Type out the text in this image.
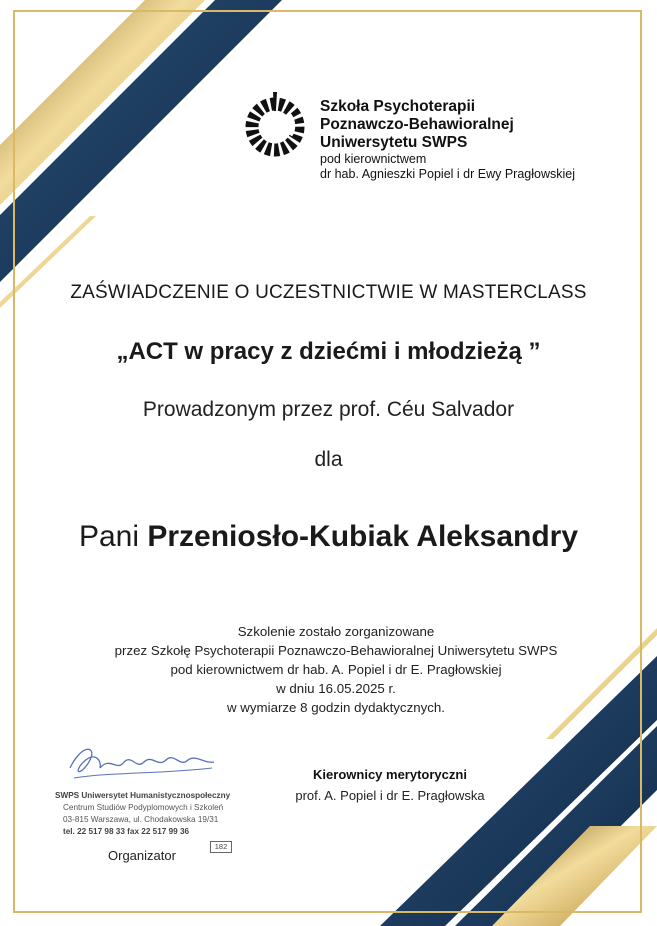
Szkoła Psychoterapii
Poznawczo-Behawioralnej
Uniwersytetu SWPS
pod kierownictwem
dr hab. Agnieszki Popiel i dr Ewy Pragłowskiej
ZAŚWIADCZENIE O UCZESTNICTWIE W MASTERCLASS
„ACT w pracy z dziećmi i młodzieżą ”
Prowadzonym przez prof. Céu Salvador
dla
Pani Przeniosło-Kubiak Aleksandry
Szkolenie zostało zorganizowane
przez Szkołę Psychoterapii Poznawczo-Behawioralnej Uniwersytetu SWPS
pod kierownictwem dr hab. A. Popiel i dr E. Pragłowskiej
w dniu 16.05.2025 r.
w wymiarze 8 godzin dydaktycznych.
SWPS Uniwersytet Humanistycznospołeczny
Centrum Studiów Podyplomowych i Szkoleń
03-815 Warszawa, ul. Chodakowska 19/31
tel. 22 517 98 33 fax 22 517 99 36
182
Organizator
Kierownicy merytoryczni
prof. A. Popiel i dr E. Pragłowska
